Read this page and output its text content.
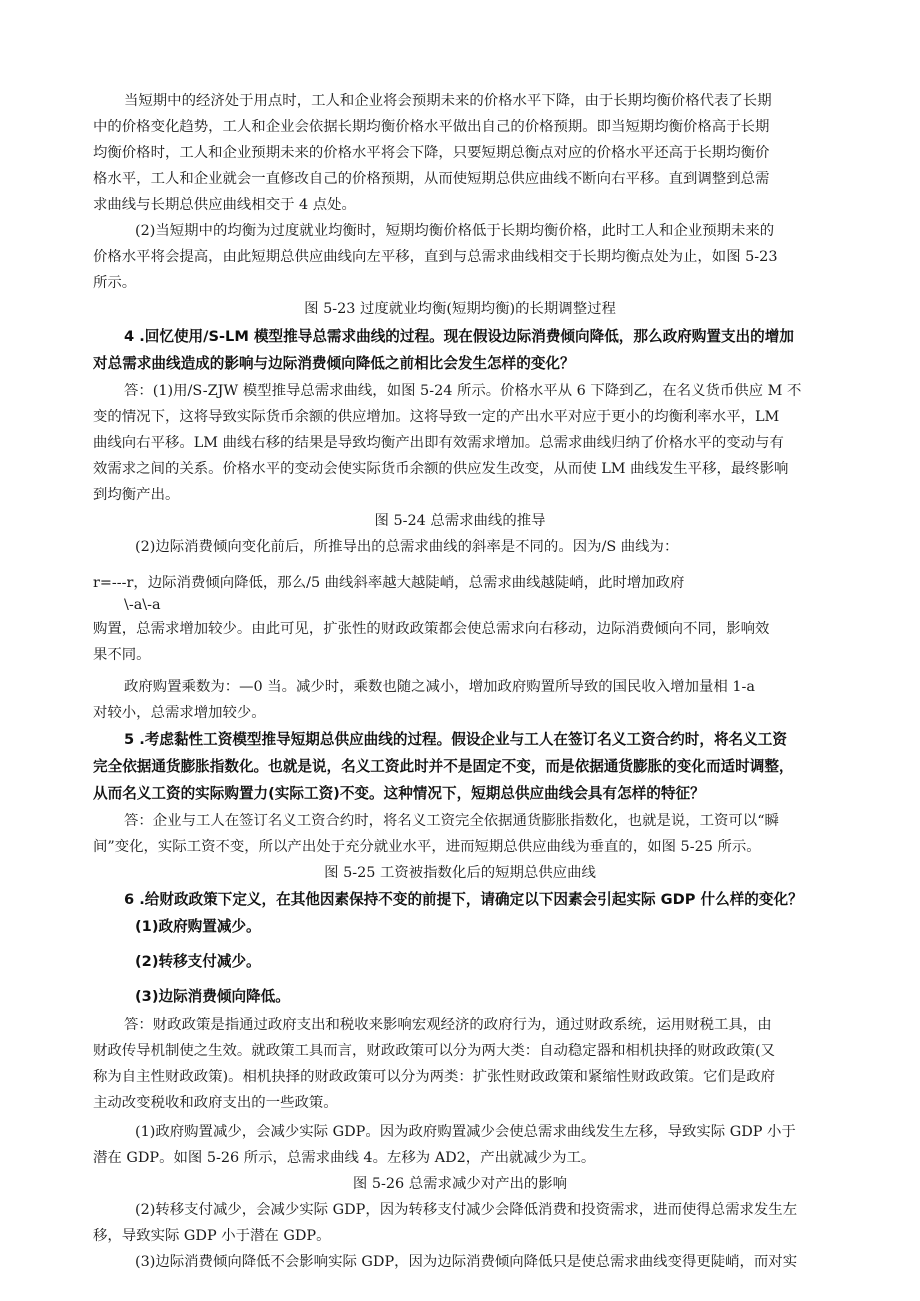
当短期中的经济处于用点时，工人和企业将会预期未来的价格水平下降，由于长期均衡价格代表了长期
中的价格变化趋势，工人和企业会依据长期均衡价格水平做出自己的价格预期。即当短期均衡价格高于长期
均衡价格时，工人和企业预期未来的价格水平将会下降，只要短期总衡点对应的价格水平还高于长期均衡价
格水平，工人和企业就会一直修改自己的价格预期，从而使短期总供应曲线不断向右平移。直到调整到总需
求曲线与长期总供应曲线相交于 4 点处。
(2)当短期中的均衡为过度就业均衡时，短期均衡价格低于长期均衡价格，此时工人和企业预期未来的
价格水平将会提高，由此短期总供应曲线向左平移，直到与总需求曲线相交于长期均衡点处为止，如图 5-23
所示。
图 5-23 过度就业均衡(短期均衡)的长期调整过程
4 .回忆使用/S-LM 模型推导总需求曲线的过程。现在假设边际消费倾向降低，那么政府购置支出的增加
对总需求曲线造成的影响与边际消费倾向降低之前相比会发生怎样的变化？
答：(1)用/S-ZJW 模型推导总需求曲线，如图 5-24 所示。价格水平从 6 下降到乙，在名义货币供应 M 不
变的情况下，这将导致实际货币余额的供应增加。这将导致一定的产出水平对应于更小的均衡利率水平，LM
曲线向右平移。LM 曲线右移的结果是导致均衡产出即有效需求增加。总需求曲线归纳了价格水平的变动与有
效需求之间的关系。价格水平的变动会使实际货币余额的供应发生改变，从而使 LM 曲线发生平移，最终影响
到均衡产出。
图 5-24 总需求曲线的推导
(2)边际消费倾向变化前后，所推导出的总需求曲线的斜率是不同的。因为/S 曲线为：
r=---r，边际消费倾向降低，那么/5 曲线斜率越大越陡峭，总需求曲线越陡峭，此时增加政府
\-a\-a
购置，总需求增加较少。由此可见，扩张性的财政政策都会使总需求向右移动，边际消费倾向不同，影响效
果不同。
政府购置乘数为：—0 当。减少时，乘数也随之减小，增加政府购置所导致的国民收入增加量相 1-a
对较小，总需求增加较少。
5 .考虑黏性工资模型推导短期总供应曲线的过程。假设企业与工人在签订名义工资合约时，将名义工资
完全依据通货膨胀指数化。也就是说，名义工资此时并不是固定不变，而是依据通货膨胀的变化而适时调整，
从而名义工资的实际购置力(实际工资)不变。这种情况下，短期总供应曲线会具有怎样的特征？
答：企业与工人在签订名义工资合约时，将名义工资完全依据通货膨胀指数化，也就是说，工资可以“瞬
间”变化，实际工资不变，所以产出处于充分就业水平，进而短期总供应曲线为垂直的，如图 5-25 所示。
图 5-25 工资被指数化后的短期总供应曲线
6 .给财政政策下定义，在其他因素保持不变的前提下，请确定以下因素会引起实际 GDP 什么样的变化？
(1)政府购置减少。
(2)转移支付减少。
(3)边际消费倾向降低。
答：财政政策是指通过政府支出和税收来影响宏观经济的政府行为，通过财政系统，运用财税工具，由
财政传导机制使之生效。就政策工具而言，财政政策可以分为两大类：自动稳定器和相机抉择的财政政策(又
称为自主性财政政策)。相机抉择的财政政策可以分为两类：扩张性财政政策和紧缩性财政政策。它们是政府
主动改变税收和政府支出的一些政策。
(1)政府购置减少，会减少实际 GDP。因为政府购置减少会使总需求曲线发生左移，导致实际 GDP 小于
潜在 GDP。如图 5-26 所示，总需求曲线 4。左移为 AD2，产出就减少为工。
图 5-26 总需求减少对产出的影响
(2)转移支付减少，会减少实际 GDP，因为转移支付减少会降低消费和投资需求，进而使得总需求发生左
移，导致实际 GDP 小于潜在 GDP。
(3)边际消费倾向降低不会影响实际 GDP，因为边际消费倾向降低只是使总需求曲线变得更陡峭，而对实
